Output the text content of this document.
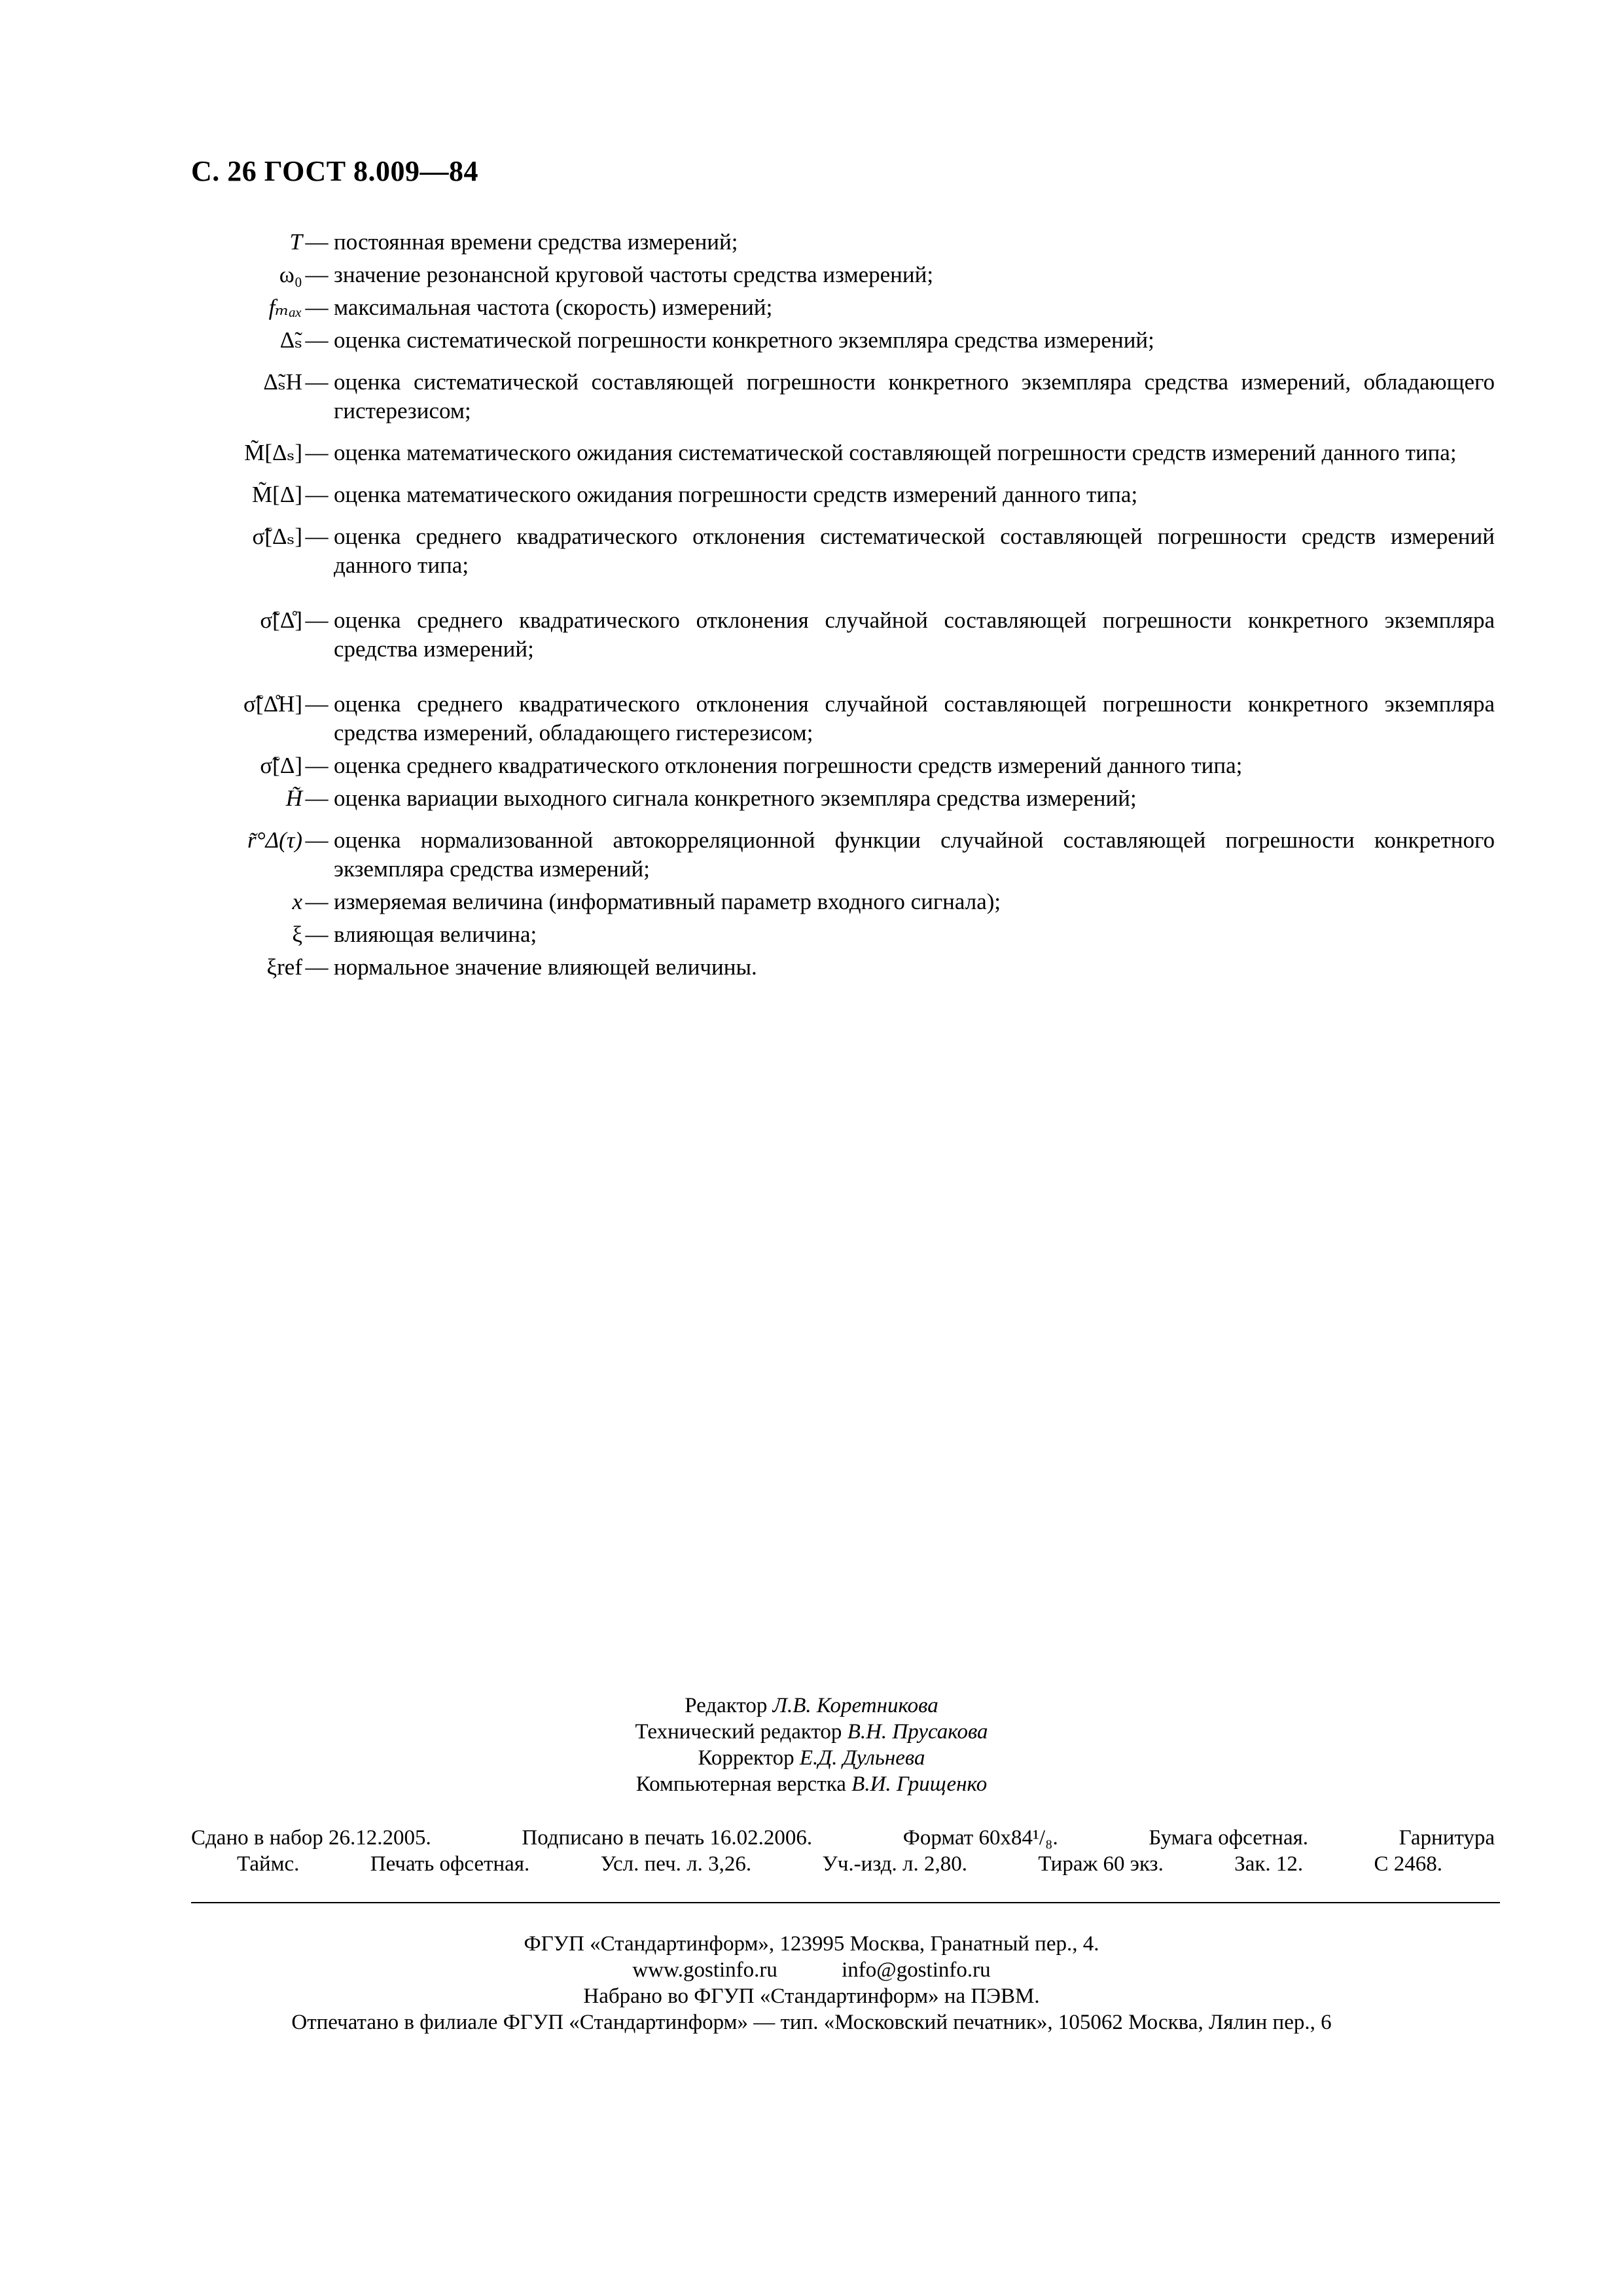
С. 26 ГОСТ 8.009—84
T — постоянная времени средства измерений;
ω₀ — значение резонансной круговой частоты средства измерений;
fₘₐₓ — максимальная частота (скорость) измерений;
Δ̃ₛ — оценка систематической погрешности конкретного экземпляра средства измерений;
Δ̃ₛH — оценка систематической составляющей погрешности конкретного экземпляра средства измерений, обладающего гистерезисом;
M̃[Δₛ] — оценка математического ожидания систематической составляющей погрешности средств измерений данного типа;
M̃[Δ] — оценка математического ожидания погрешности средств измерений данного типа;
σ̃[Δₛ] — оценка среднего квадратического отклонения систематической составляющей погрешности средств измерений данного типа;
σ̃[Δ̊] — оценка среднего квадратического отклонения случайной составляющей погрешности конкретного экземпляра средства измерений;
σ̃[Δ̊H] — оценка среднего квадратического отклонения случайной составляющей погрешности конкретного экземпляра средства измерений, обладающего гистерезисом;
σ̃[Δ] — оценка среднего квадратического отклонения погрешности средств измерений данного типа;
H̃ — оценка вариации выходного сигнала конкретного экземпляра средства измерений;
r̃°Δ(τ) — оценка нормализованной автокорреляционной функции случайной составляющей погрешности конкретного экземпляра средства измерений;
x — измеряемая величина (информативный параметр входного сигнала);
ξ — влияющая величина;
ξref — нормальное значение влияющей величины.
Редактор Л.В. Коретникова
Технический редактор В.Н. Прусакова
Корректор Е.Д. Дульнева
Компьютерная верстка В.И. Грищенко
Сдано в набор 26.12.2005.	Подписано в печать 16.02.2006.	Формат 60x84¹/₈.	Бумага офсетная.	Гарнитура
Таймс.	Печать офсетная.	Усл. печ. л. 3,26.	Уч.-изд. л. 2,80.	Тираж 60 экз.	Зак. 12.	С 2468.
ФГУП «Стандартинформ», 123995 Москва, Гранатный пер., 4.
www.gostinfo.ru	info@gostinfo.ru
Набрано во ФГУП «Стандартинформ» на ПЭВМ.
Отпечатано в филиале ФГУП «Стандартинформ» — тип. «Московский печатник», 105062 Москва, Лялин пер., 6
